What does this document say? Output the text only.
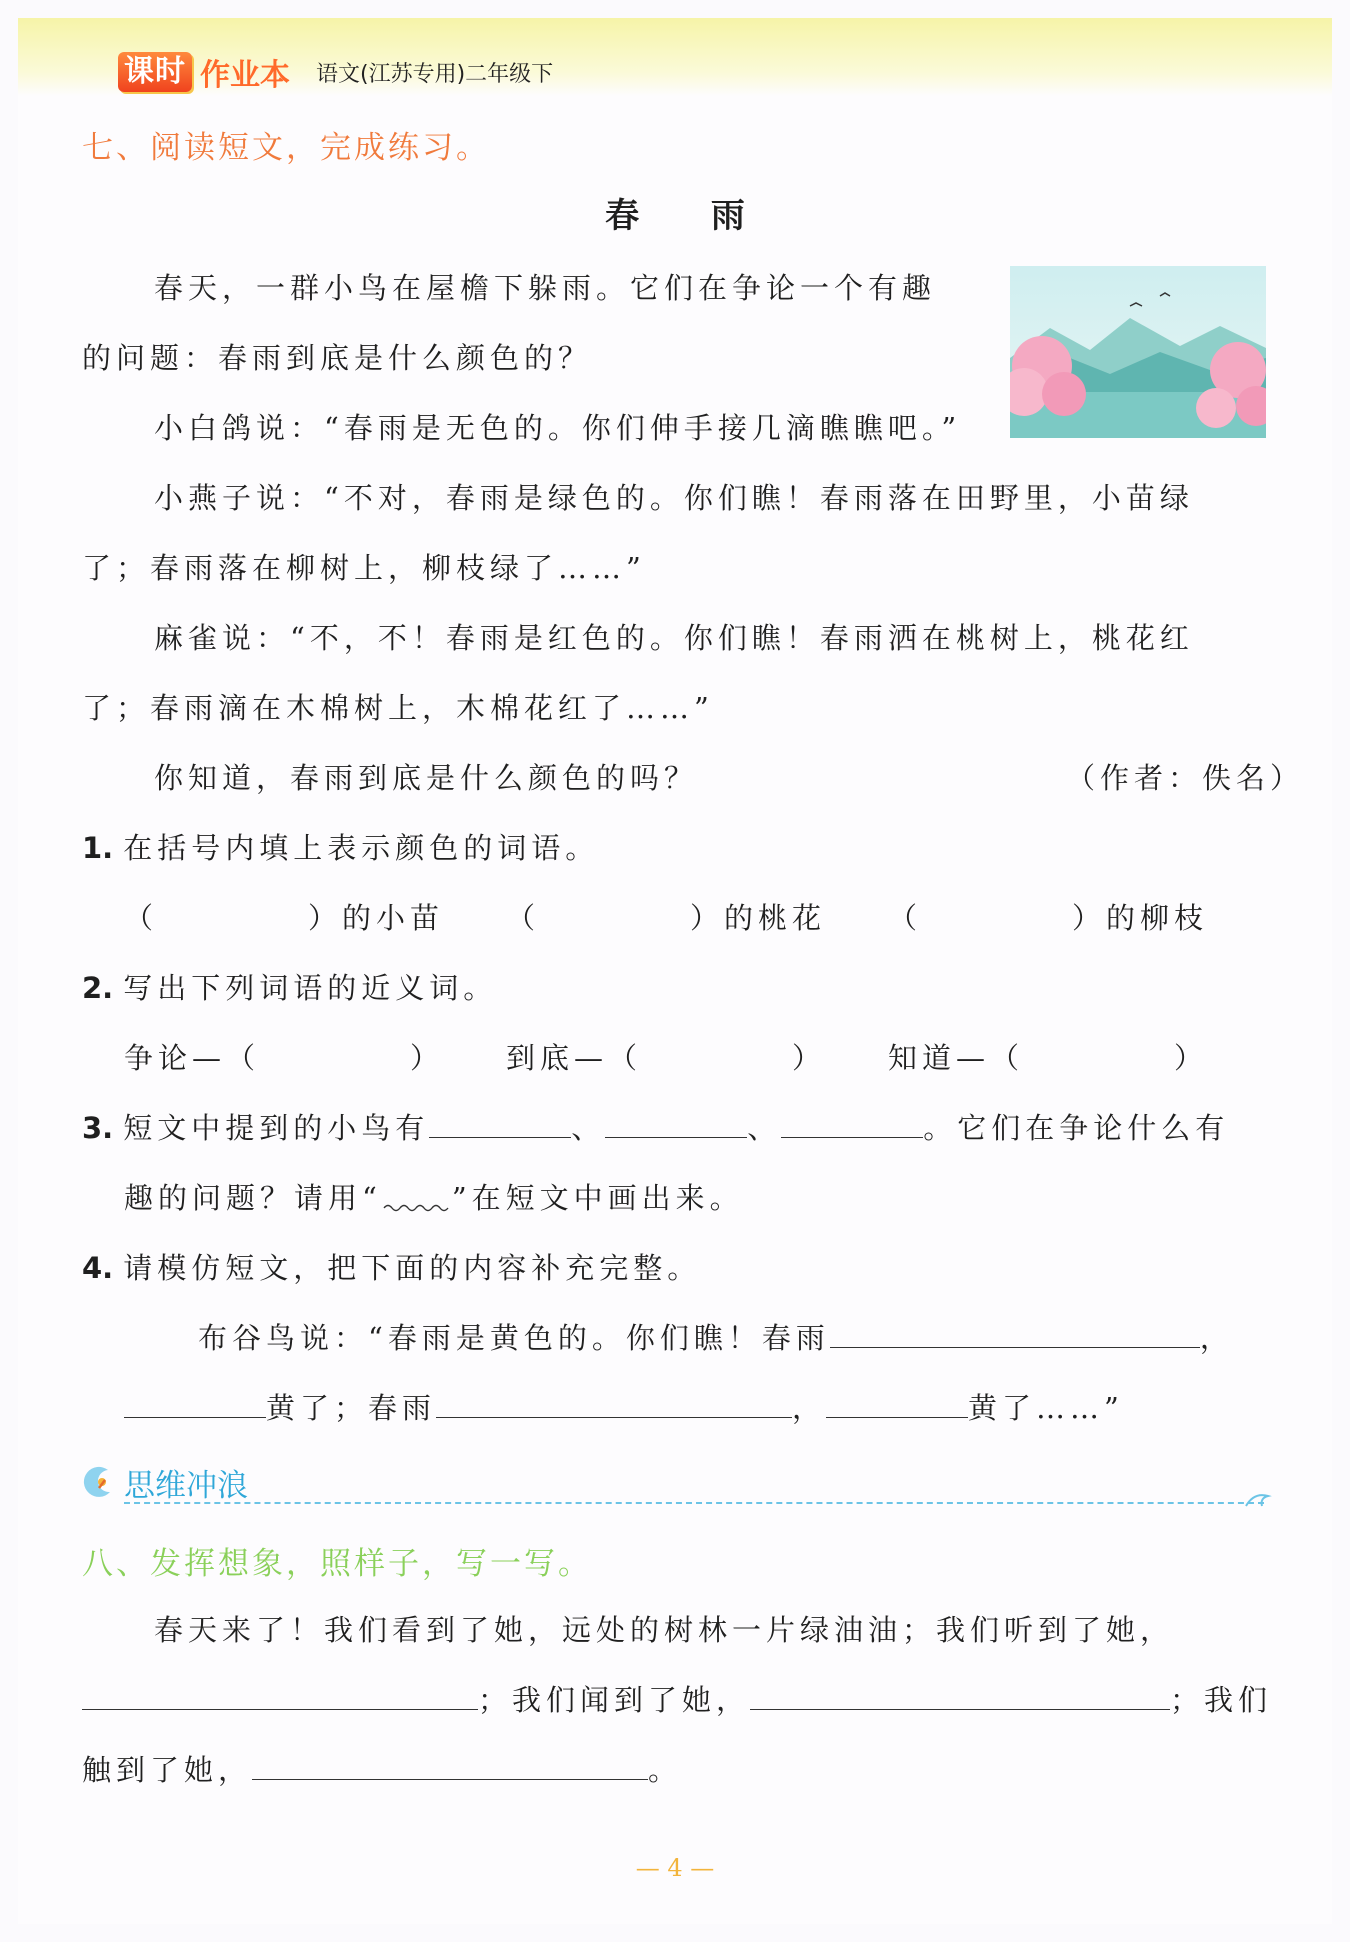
课时 作业本 语文(江苏专用)二年级下
七、阅读短文，完成练习。
春 雨
春天，一群小鸟在屋檐下躲雨。它们在争论一个有趣
的问题：春雨到底是什么颜色的？
小白鸽说：“春雨是无色的。你们伸手接几滴瞧瞧吧。”
小燕子说：“不对，春雨是绿色的。你们瞧！春雨落在田野里，小苗绿
了；春雨落在柳树上，柳枝绿了……”
麻雀说：“不，不！春雨是红色的。你们瞧！春雨洒在桃树上，桃花红
了；春雨滴在木棉树上，木棉花红了……”
你知道，春雨到底是什么颜色的吗？	（作者：佚名）
1. 在括号内填上表示颜色的词语。
（	）的小苗 （	）的桃花 （	）的柳枝
2. 写出下列词语的近义词。
争论—（	） 到底—（	） 知道—（	）
3. 短文中提到的小鸟有	、	、	。它们在争论什么有
趣的问题？请用“ ”在短文中画出来。
4. 请模仿短文，把下面的内容补充完整。
布谷鸟说：“春雨是黄色的。你们瞧！春雨	，
黄了；春雨	，	黄了……”
思维冲浪
八、发挥想象，照样子，写一写。
春天来了！我们看到了她，远处的树林一片绿油油；我们听到了她，
；我们闻到了她，	；我们
触到了她，	。
— 4 —
